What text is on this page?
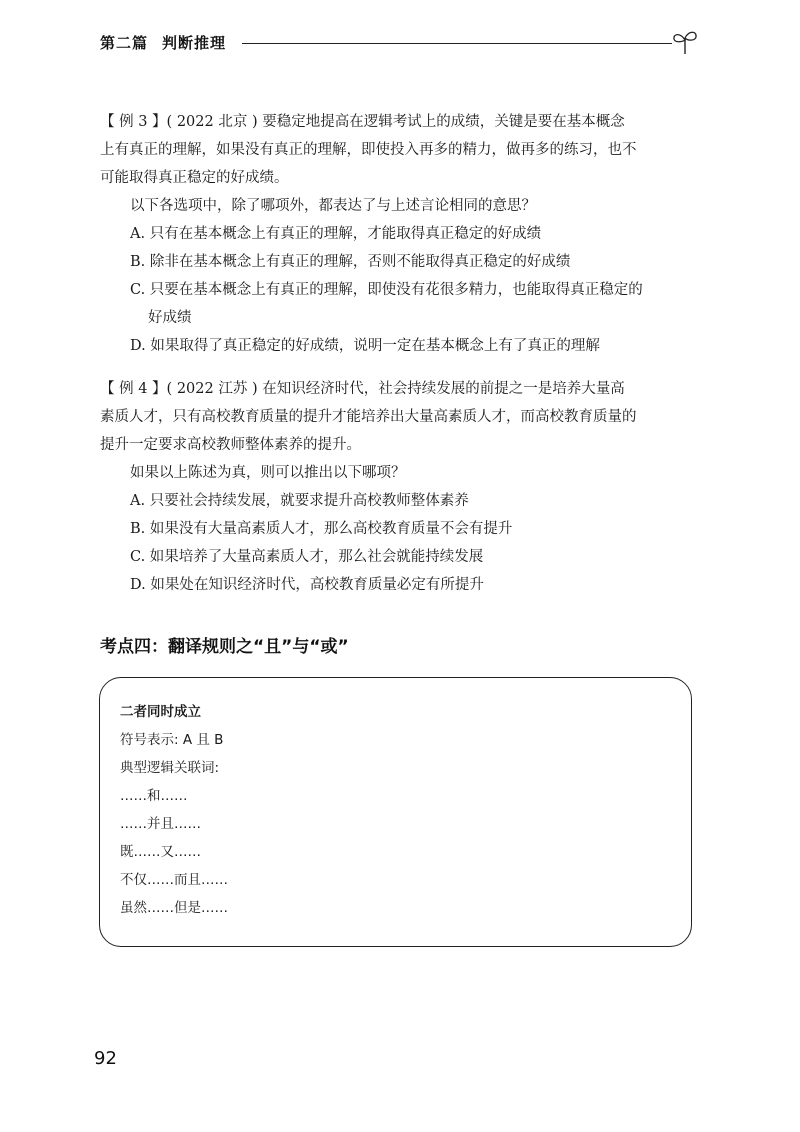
第二篇 判断推理

【 例 3 】( 2022 北京 ) 要稳定地提高在逻辑考试上的成绩，关键是要在基本概念

上有真正的理解，如果没有真正的理解，即使投入再多的精力，做再多的练习，也不

可能取得真正稳定的好成绩。

以下各选项中，除了哪项外，都表达了与上述言论相同的意思？

A. 只有在基本概念上有真正的理解，才能取得真正稳定的好成绩

B. 除非在基本概念上有真正的理解，否则不能取得真正稳定的好成绩

C. 只要在基本概念上有真正的理解，即使没有花很多精力，也能取得真正稳定的

好成绩

D. 如果取得了真正稳定的好成绩，说明一定在基本概念上有了真正的理解

【 例 4 】( 2022 江苏 ) 在知识经济时代，社会持续发展的前提之一是培养大量高

素质人才，只有高校教育质量的提升才能培养出大量高素质人才，而高校教育质量的

提升一定要求高校教师整体素养的提升。

如果以上陈述为真，则可以推出以下哪项？

A. 只要社会持续发展，就要求提升高校教师整体素养

B. 如果没有大量高素质人才，那么高校教育质量不会有提升

C. 如果培养了大量高素质人才，那么社会就能持续发展

D. 如果处在知识经济时代，高校教育质量必定有所提升

考点四：翻译规则之“且”与“或”
二者同时成立
符号表示: A 且 B
典型逻辑关联词:
……和……
……并且……
既……又……
不仅……而且……
虽然……但是……
92
